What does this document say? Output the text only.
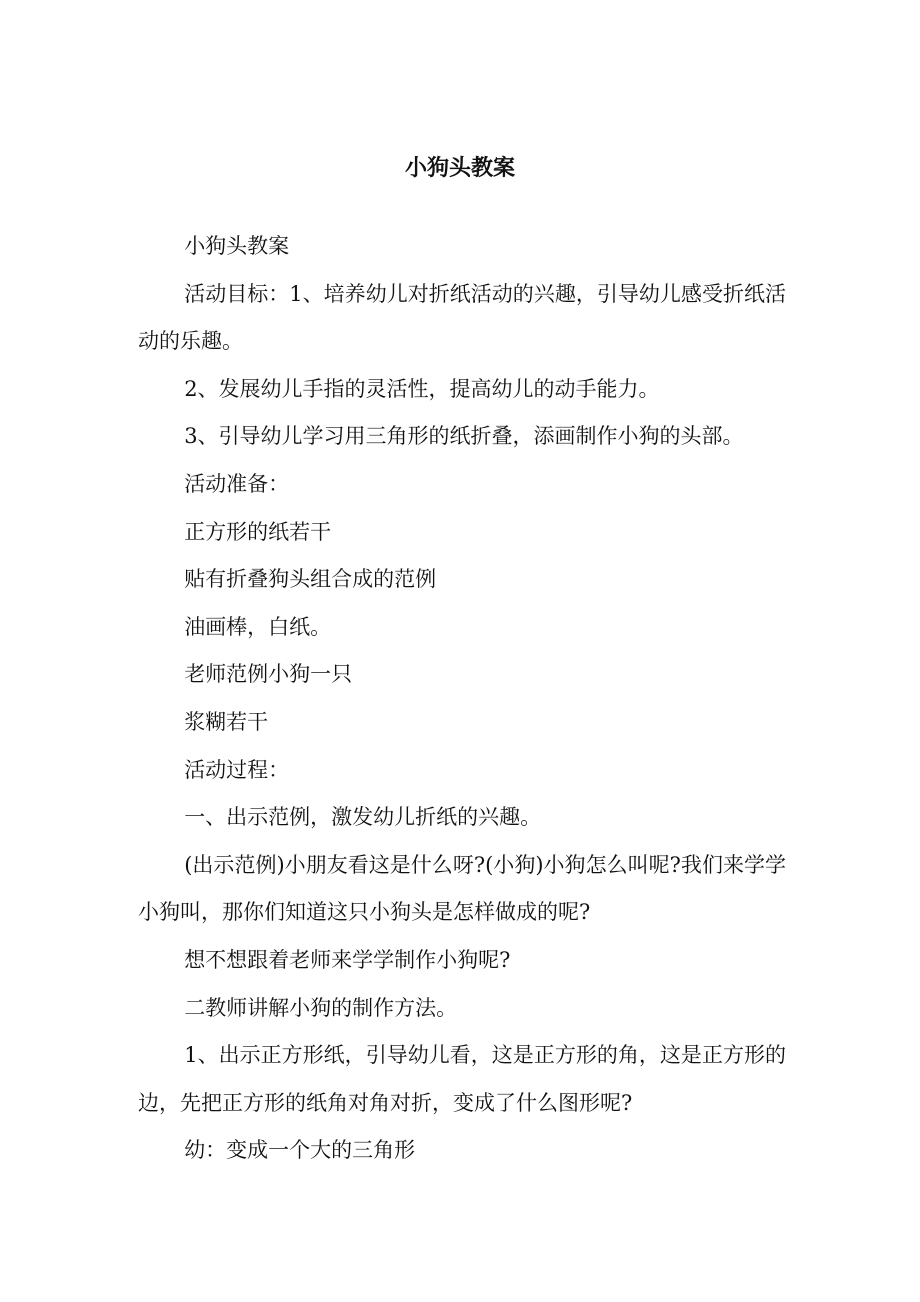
小狗头教案

小狗头教案

活动目标：1、培养幼儿对折纸活动的兴趣，引导幼儿感受折纸活动的乐趣。

2、发展幼儿手指的灵活性，提高幼儿的动手能力。

3、引导幼儿学习用三角形的纸折叠，添画制作小狗的头部。

活动准备：

正方形的纸若干

贴有折叠狗头组合成的范例

油画棒，白纸。

老师范例小狗一只

浆糊若干

活动过程：

一、出示范例，激发幼儿折纸的兴趣。

(出示范例)小朋友看这是什么呀?(小狗)小狗怎么叫呢?我们来学学小狗叫，那你们知道这只小狗头是怎样做成的呢?

想不想跟着老师来学学制作小狗呢?

二教师讲解小狗的制作方法。

1、出示正方形纸，引导幼儿看，这是正方形的角，这是正方形的边，先把正方形的纸角对角对折，变成了什么图形呢?

幼：变成一个大的三角形
